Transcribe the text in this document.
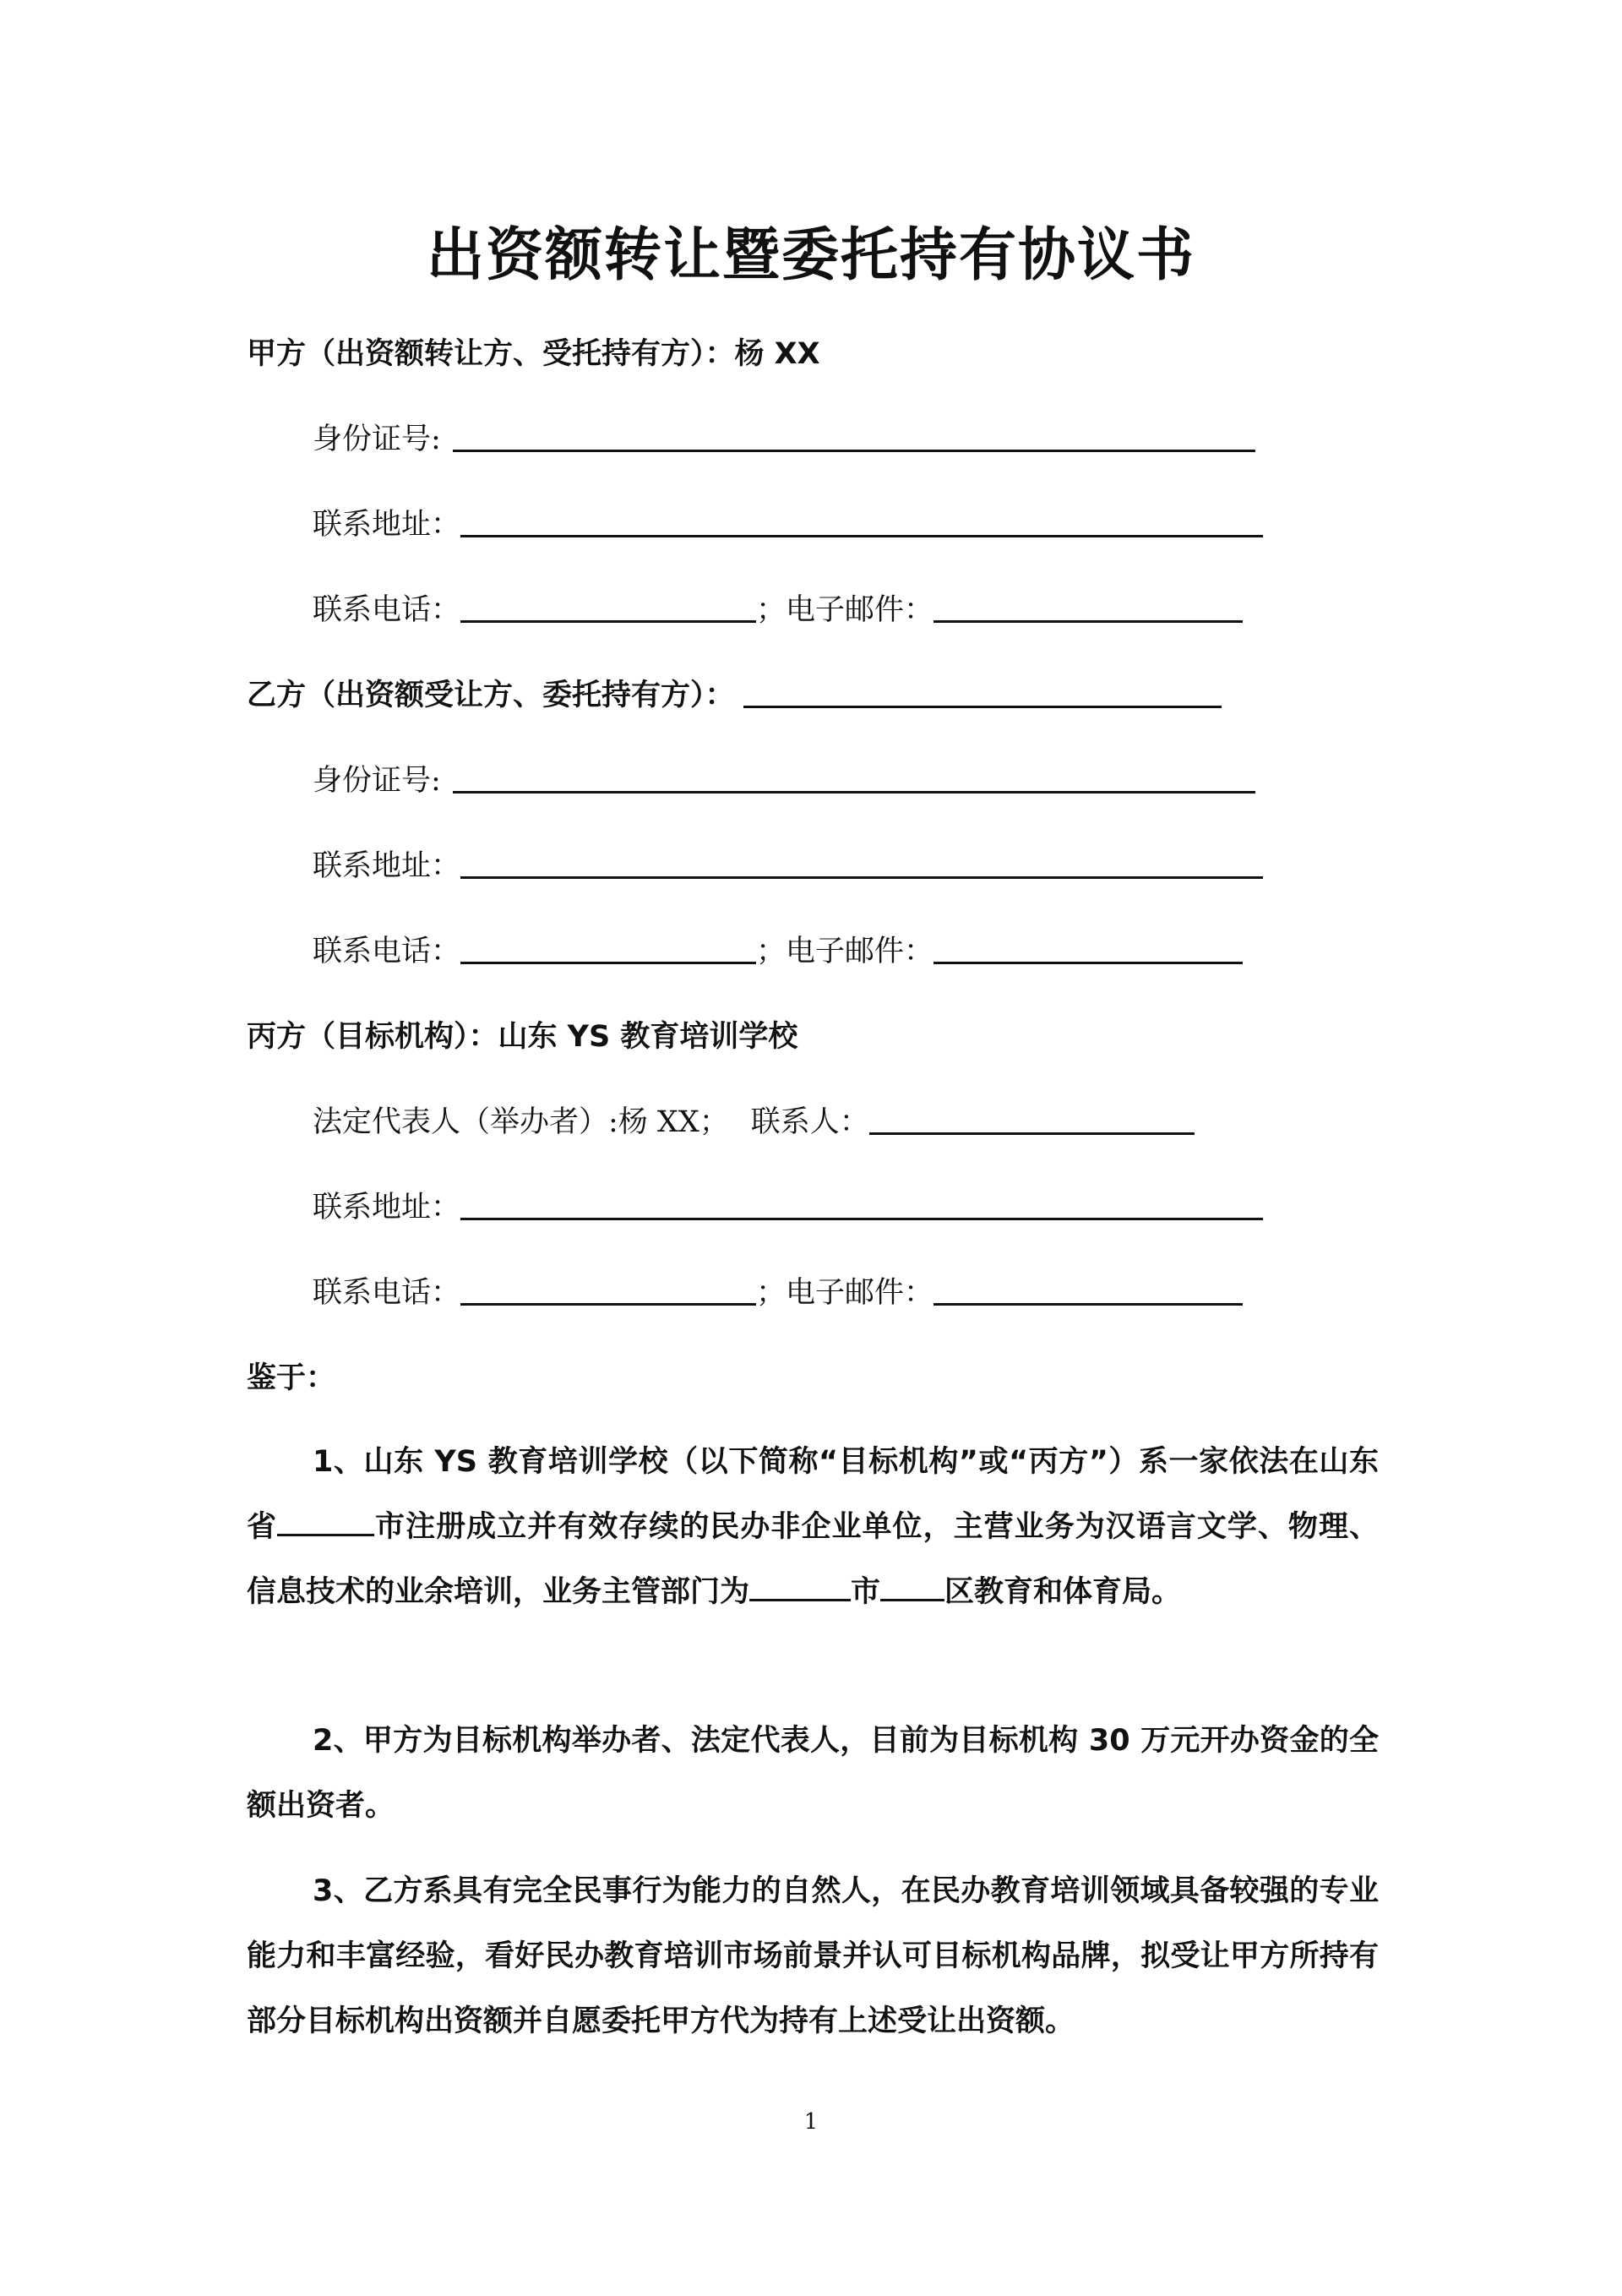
出资额转让暨委托持有协议书
甲方（出资额转让方、受托持有方）：杨 XX
身份证号:
联系地址：
联系电话：	；电子邮件：
乙方（出资额受让方、委托持有方）：
身份证号:
联系地址：
联系电话：	；电子邮件：
丙方（目标机构）：山东 YS 教育培训学校
法定代表人（举办者）:杨 XX； 联系人：
联系地址：
联系电话：	；电子邮件：
鉴于：
1、山东 YS 教育培训学校（以下简称“目标机构”或“丙方”）系一家依法在山东省	市注册成立并有效存续的民办非企业单位，主营业务为汉语言文学、物理、信息技术的业余培训，业务主管部门为	市 区教育和体育局。
2、甲方为目标机构举办者、法定代表人，目前为目标机构 30 万元开办资金的全额出资者。
3、乙方系具有完全民事行为能力的自然人，在民办教育培训领域具备较强的专业能力和丰富经验，看好民办教育培训市场前景并认可目标机构品牌，拟受让甲方所持有部分目标机构出资额并自愿委托甲方代为持有上述受让出资额。
1
